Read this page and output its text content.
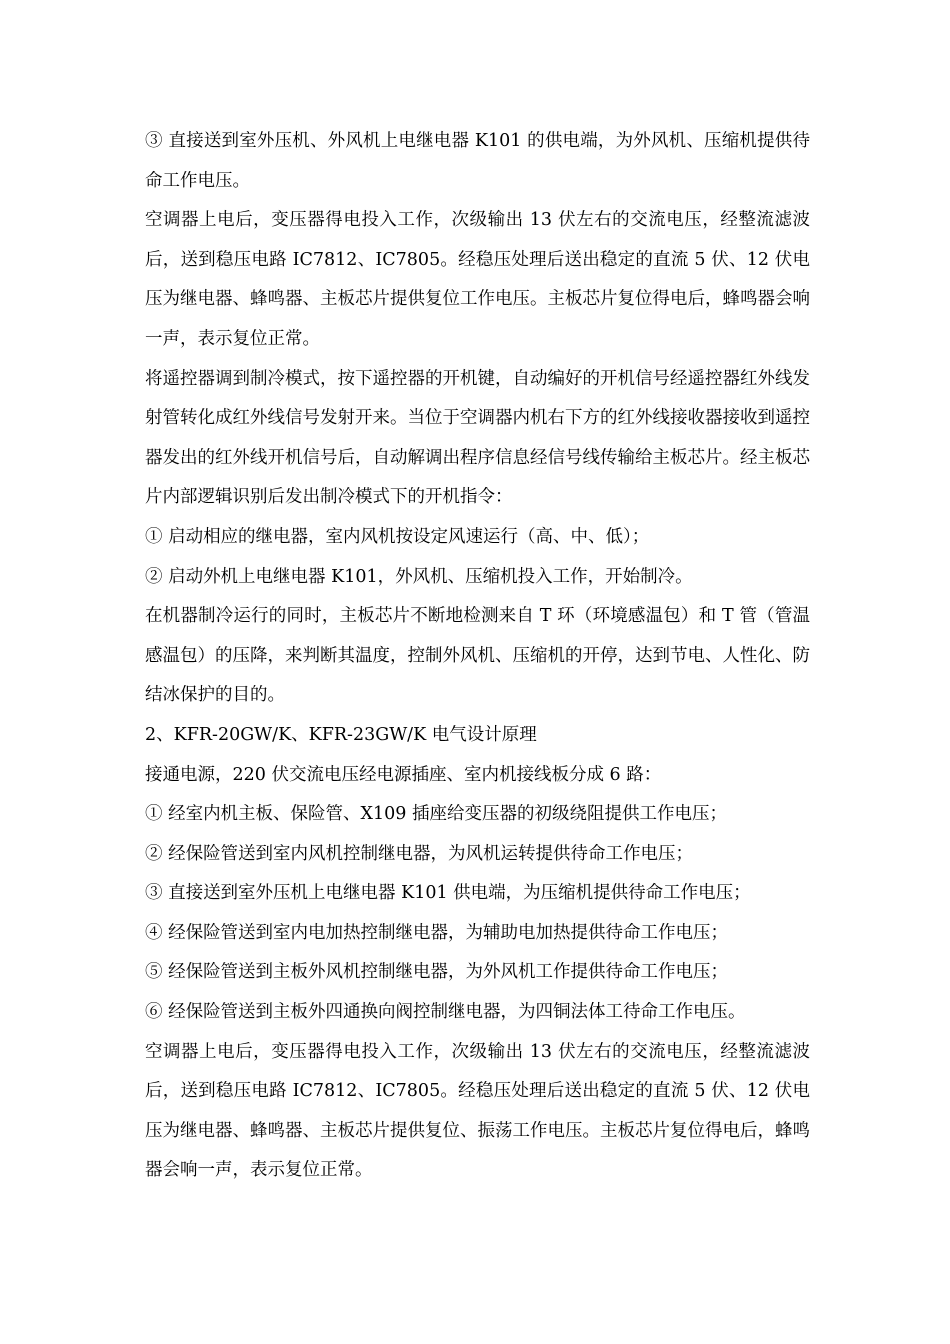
③ 直接送到室外压机、外风机上电继电器 K101 的供电端，为外风机、压缩机提供待命工作电压。

空调器上电后，变压器得电投入工作，次级输出 13 伏左右的交流电压，经整流滤波后，送到稳压电路 IC7812、IC7805。经稳压处理后送出稳定的直流 5 伏、12 伏电压为继电器、蜂鸣器、主板芯片提供复位工作电压。主板芯片复位得电后，蜂鸣器会响一声，表示复位正常。

将遥控器调到制冷模式，按下遥控器的开机键，自动编好的开机信号经遥控器红外线发射管转化成红外线信号发射开来。当位于空调器内机右下方的红外线接收器接收到遥控器发出的红外线开机信号后，自动解调出程序信息经信号线传输给主板芯片。经主板芯片内部逻辑识别后发出制冷模式下的开机指令：

① 启动相应的继电器，室内风机按设定风速运行（高、中、低）；

② 启动外机上电继电器 K101，外风机、压缩机投入工作，开始制冷。

在机器制冷运行的同时，主板芯片不断地检测来自 T 环（环境感温包）和 T 管（管温感温包）的压降，来判断其温度，控制外风机、压缩机的开停，达到节电、人性化、防结冰保护的目的。

2、KFR-20GW/K、KFR-23GW/K 电气设计原理

接通电源，220 伏交流电压经电源插座、室内机接线板分成 6 路：

① 经室内机主板、保险管、X109 插座给变压器的初级绕阻提供工作电压；

② 经保险管送到室内风机控制继电器，为风机运转提供待命工作电压；

③ 直接送到室外压机上电继电器 K101 供电端，为压缩机提供待命工作电压；

④ 经保险管送到室内电加热控制继电器，为辅助电加热提供待命工作电压；

⑤ 经保险管送到主板外风机控制继电器，为外风机工作提供待命工作电压；

⑥ 经保险管送到主板外四通换向阀控制继电器，为四铜法体工待命工作电压。

空调器上电后，变压器得电投入工作，次级输出 13 伏左右的交流电压，经整流滤波后，送到稳压电路 IC7812、IC7805。经稳压处理后送出稳定的直流 5 伏、12 伏电压为继电器、蜂鸣器、主板芯片提供复位、振荡工作电压。主板芯片复位得电后，蜂鸣器会响一声，表示复位正常。
